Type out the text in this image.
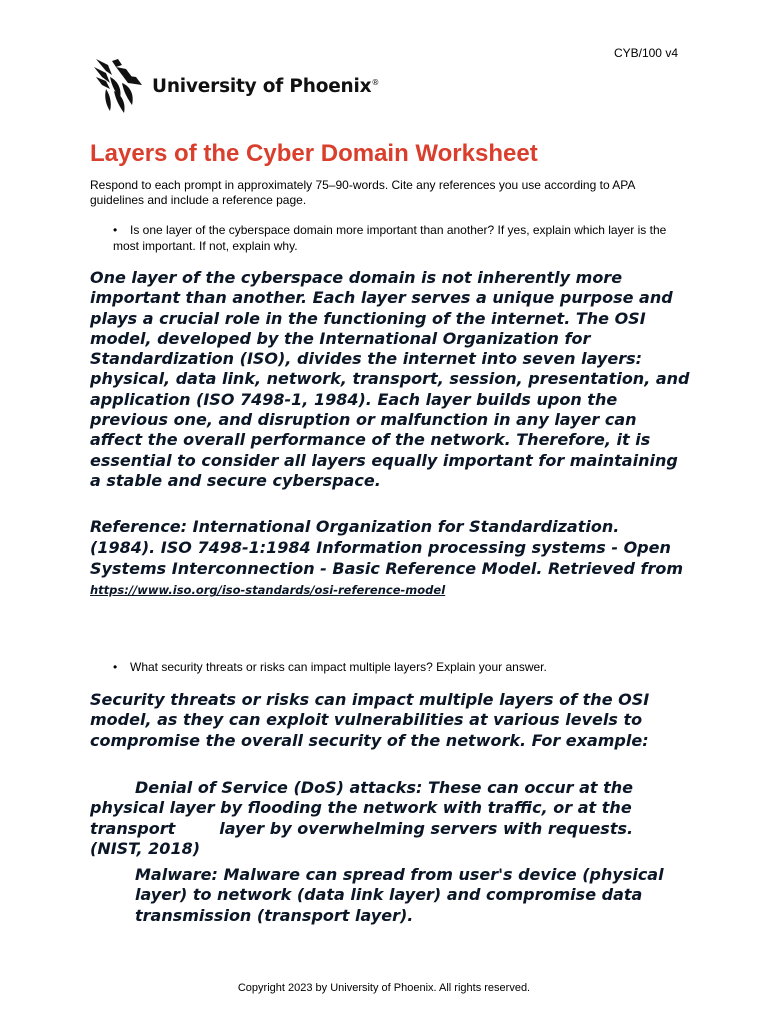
CYB/100 v4
University of Phoenix®
Layers of the Cyber Domain Worksheet

Respond to each prompt in approximately 75–90-words. Cite any references you use according to APA guidelines and include a reference page.

• Is one layer of the cyberspace domain more important than another? If yes, explain which layer is the most important. If not, explain why.

One layer of the cyberspace domain is not inherently more important than another. Each layer serves a unique purpose and plays a crucial role in the functioning of the internet. The OSI model, developed by the International Organization for Standardization (ISO), divides the internet into seven layers: physical, data link, network, transport, session, presentation, and application (ISO 7498-1, 1984). Each layer builds upon the previous one, and disruption or malfunction in any layer can affect the overall performance of the network. Therefore, it is essential to consider all layers equally important for maintaining a stable and secure cyberspace.

Reference: International Organization for Standardization. (1984). ISO 7498-1:1984 Information processing systems - Open Systems Interconnection - Basic Reference Model. Retrieved from https://www.iso.org/iso-standards/osi-reference-model

• What security threats or risks can impact multiple layers? Explain your answer.

Security threats or risks can impact multiple layers of the OSI model, as they can exploit vulnerabilities at various levels to compromise the overall security of the network. For example:

Denial of Service (DoS) attacks: These can occur at the
physical layer by flooding the network with traffic, or at the
transport	layer by overwhelming servers with requests.
(NIST, 2018)

Malware: Malware can spread from user's device (physical layer) to network (data link layer) and compromise data transmission (transport layer).

Copyright 2023 by University of Phoenix. All rights reserved.
